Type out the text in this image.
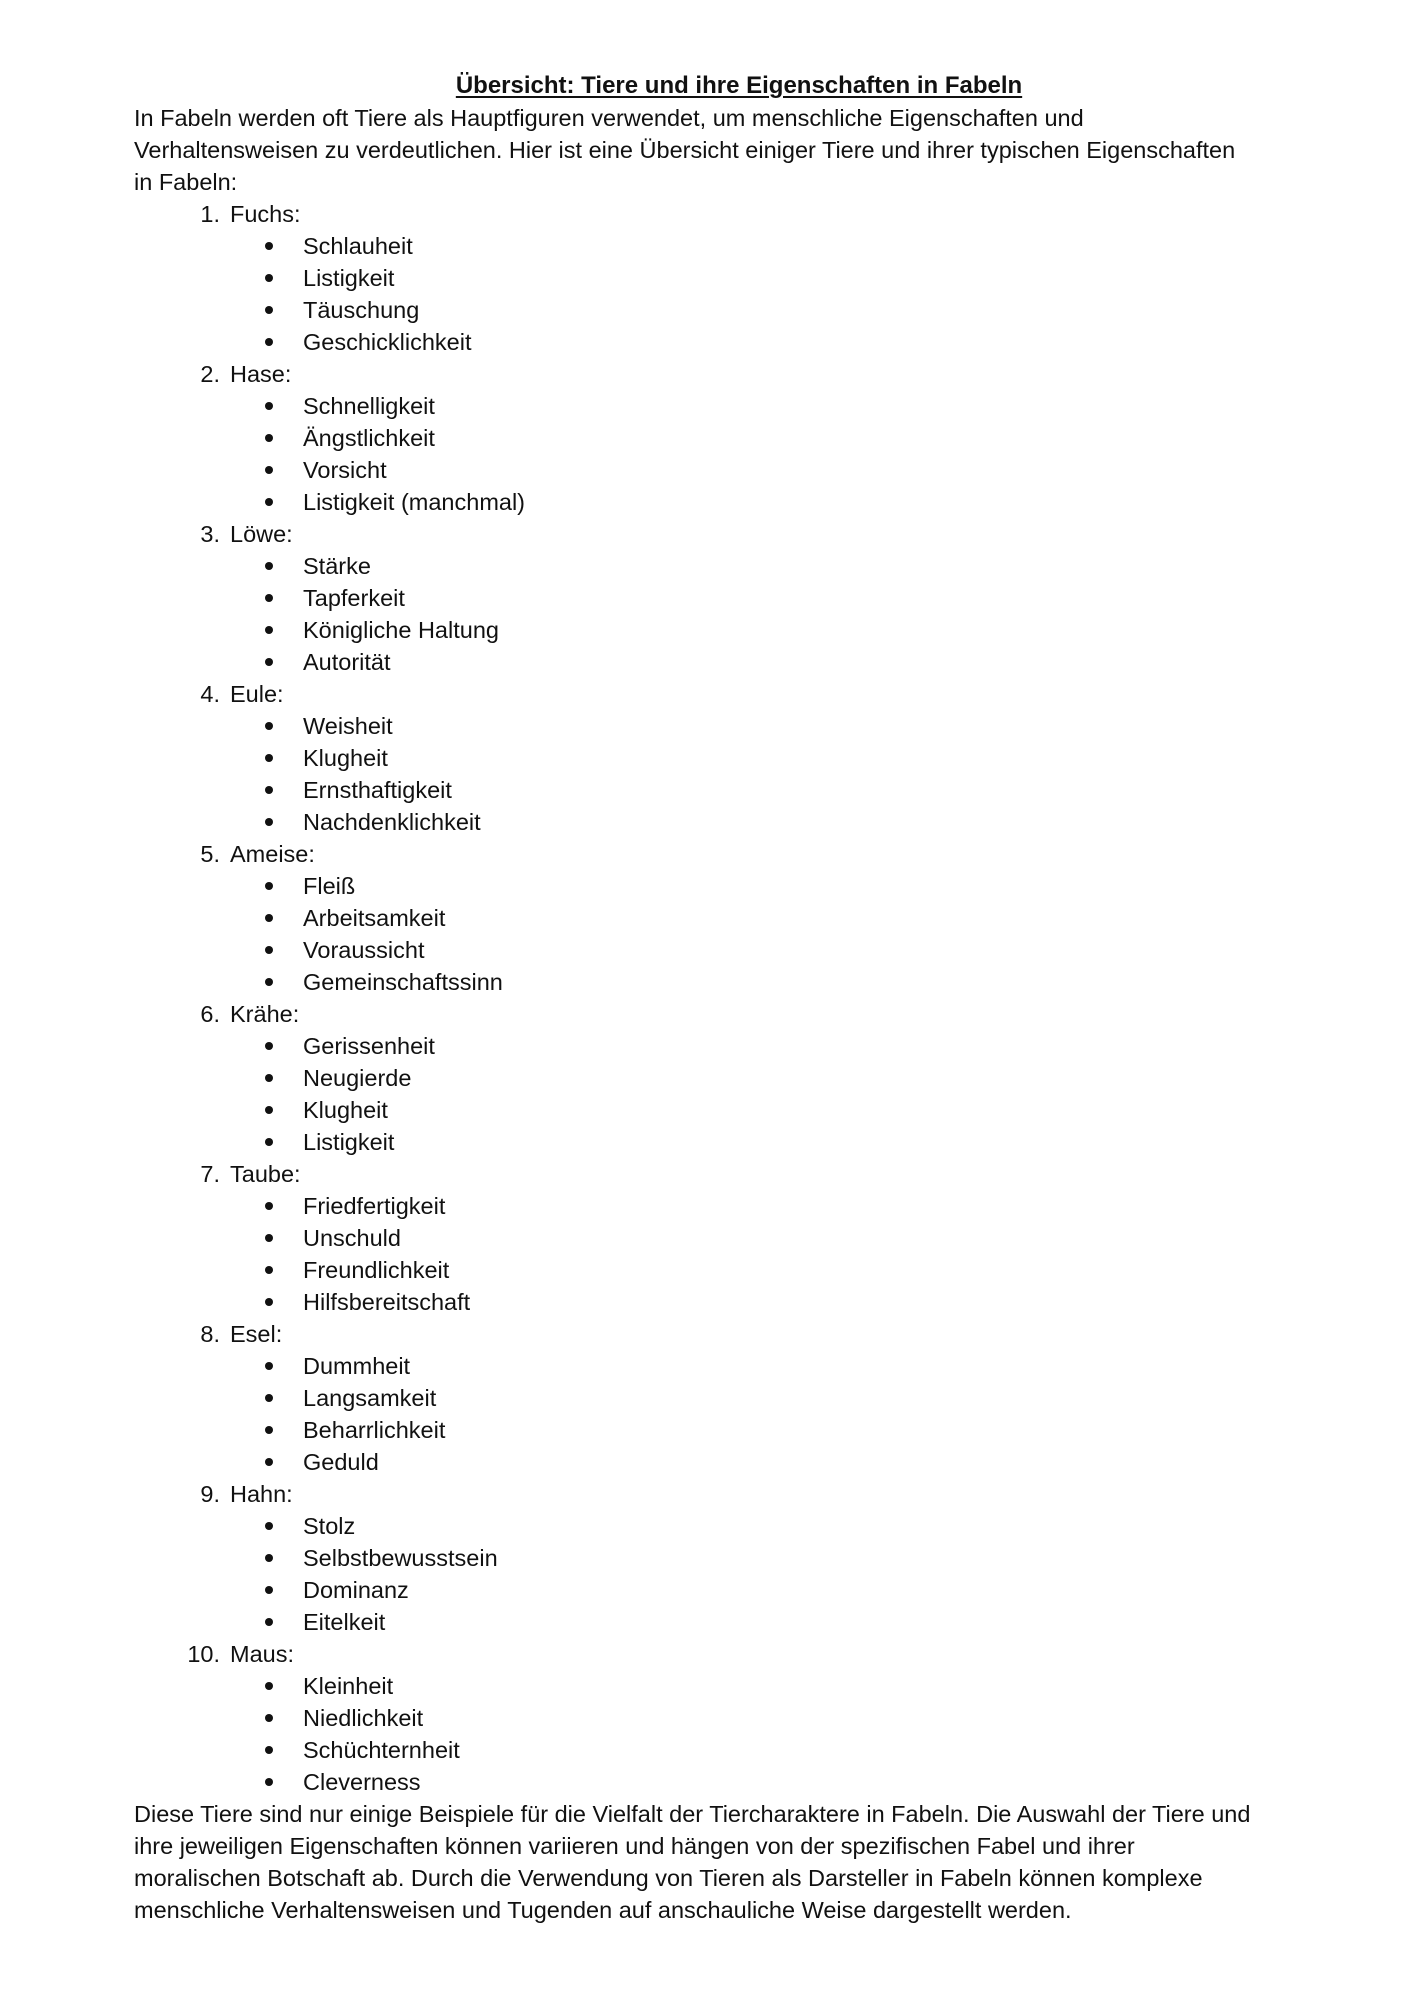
Übersicht: Tiere und ihre Eigenschaften in Fabeln
In Fabeln werden oft Tiere als Hauptfiguren verwendet, um menschliche Eigenschaften und
Verhaltensweisen zu verdeutlichen. Hier ist eine Übersicht einiger Tiere und ihrer typischen Eigenschaften
in Fabeln:
1. Fuchs:
Schlauheit
Listigkeit
Täuschung
Geschicklichkeit
2. Hase:
Schnelligkeit
Ängstlichkeit
Vorsicht
Listigkeit (manchmal)
3. Löwe:
Stärke
Tapferkeit
Königliche Haltung
Autorität
4. Eule:
Weisheit
Klugheit
Ernsthaftigkeit
Nachdenklichkeit
5. Ameise:
Fleiß
Arbeitsamkeit
Voraussicht
Gemeinschaftssinn
6. Krähe:
Gerissenheit
Neugierde
Klugheit
Listigkeit
7. Taube:
Friedfertigkeit
Unschuld
Freundlichkeit
Hilfsbereitschaft
8. Esel:
Dummheit
Langsamkeit
Beharrlichkeit
Geduld
9. Hahn:
Stolz
Selbstbewusstsein
Dominanz
Eitelkeit
10. Maus:
Kleinheit
Niedlichkeit
Schüchternheit
Cleverness
Diese Tiere sind nur einige Beispiele für die Vielfalt der Tiercharaktere in Fabeln. Die Auswahl der Tiere und
ihre jeweiligen Eigenschaften können variieren und hängen von der spezifischen Fabel und ihrer
moralischen Botschaft ab. Durch die Verwendung von Tieren als Darsteller in Fabeln können komplexe
menschliche Verhaltensweisen und Tugenden auf anschauliche Weise dargestellt werden.
